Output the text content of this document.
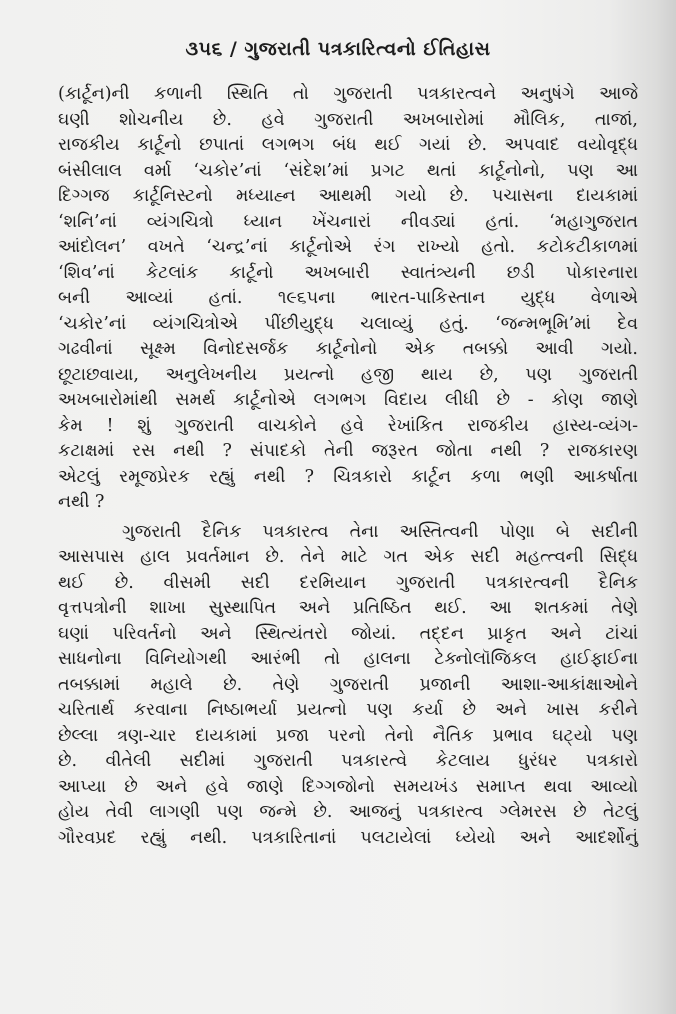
૩૫૬ / ગુજરાતી પત્રકારિત્વનો ઈતિહાસ
(કાર્ટૂન)ની કળાની સ્થિતિ તો ગુજરાતી પત્રકારત્વને અનુષંગે આજે
ઘણી શોચનીય છે. હવે ગુજરાતી અખબારોમાં મૌલિક, તાજાં,
રાજકીય કાર્ટૂનો છપાતાં લગભગ બંધ થઈ ગયાં છે. અપવાદ વયોવૃદ્ધ
બંસીલાલ વર્મા ‘ચકોર’નાં ‘સંદેશ’માં પ્રગટ થતાં કાર્ટૂનોનો, પણ આ
દિગ્ગજ કાર્ટૂનિસ્ટનો મધ્યાહ્ન આથમી ગયો છે. પચાસના દાયકામાં
‘શનિ’નાં વ્યંગચિત્રો ધ્યાન ખેંચનારાં નીવડ્યાં હતાં. ‘મહાગુજરાત
આંદોલન’ વખતે ‘ચન્દ્ર’નાં કાર્ટૂનોએ રંગ રાખ્યો હતો. કટોકટીકાળમાં
‘શિવ’નાં કેટલાંક કાર્ટૂનો અખબારી સ્વાતંત્ર્યની છડી પોકારનારા
બની આવ્યાં હતાં. ૧૯૬૫ના ભારત-પાકિસ્તાન યુદ્ધ વેળાએ
‘ચકોર’નાં વ્યંગચિત્રોએ પીંછીયુદ્ધ ચલાવ્યું હતું. ‘જન્મભૂમિ’માં દેવ
ગઢવીનાં સૂક્ષ્મ વિનોદસર્જક કાર્ટૂનોનો એક તબક્કો આવી ગયો.
છૂટાછવાયા, અનુલેખનીય પ્રયત્નો હજી થાય છે, પણ ગુજરાતી
અખબારોમાંથી સમર્થ કાર્ટૂનોએ લગભગ વિદાય લીધી છે - કોણ જાણે
કેમ ! શું ગુજરાતી વાચકોને હવે રેખાંકિત રાજકીય હાસ્ય-વ્યંગ-
કટાક્ષમાં રસ નથી ? સંપાદકો તેની જરૂરત જોતા નથી ? રાજકારણ
એટલું રમૂજપ્રેરક રહ્યું નથી ? ચિત્રકારો કાર્ટૂન કળા ભણી આકર્ષાતા
નથી ?
ગુજરાતી દૈનિક પત્રકારત્વ તેના અસ્તિત્વની પોણા બે સદીની
આસપાસ હાલ પ્રવર્તમાન છે. તેને માટે ગત એક સદી મહત્ત્વની સિદ્ધ
થઈ છે. વીસમી સદી દરમિયાન ગુજરાતી પત્રકારત્વની દૈનિક
વૃત્તપત્રોની શાખા સુસ્થાપિત અને પ્રતિષ્ઠિત થઈ. આ શતકમાં તેણે
ઘણાં પરિવર્તનો અને સ્થિત્યંતરો જોયાં. તદ્દન પ્રાકૃત અને ટાંચાં
સાધનોના વિનિયોગથી આરંભી તો હાલના ટેક્નોલૉજિકલ હાઈફાઈના
તબક્કામાં મહાલે છે. તેણે ગુજરાતી પ્રજાની આશા-આકાંક્ષાઓને
ચરિતાર્થ કરવાના નિષ્ઠાભર્યા પ્રયત્નો પણ કર્યા છે અને ખાસ કરીને
છેલ્લા ત્રણ-ચાર દાયકામાં પ્રજા પરનો તેનો નૈતિક પ્રભાવ ઘટ્યો પણ
છે. વીતેલી સદીમાં ગુજરાતી પત્રકારત્વે કેટલાય ધુરંધર પત્રકારો
આપ્યા છે અને હવે જાણે દિગ્ગજોનો સમયખંડ સમાપ્ત થવા આવ્યો
હોય તેવી લાગણી પણ જન્મે છે. આજનું પત્રકારત્વ ગ્લેમરસ છે તેટલું
ગૌરવપ્રદ રહ્યું નથી. પત્રકારિતાનાં પલટાયેલાં ધ્યેયો અને આદર્શોનું
